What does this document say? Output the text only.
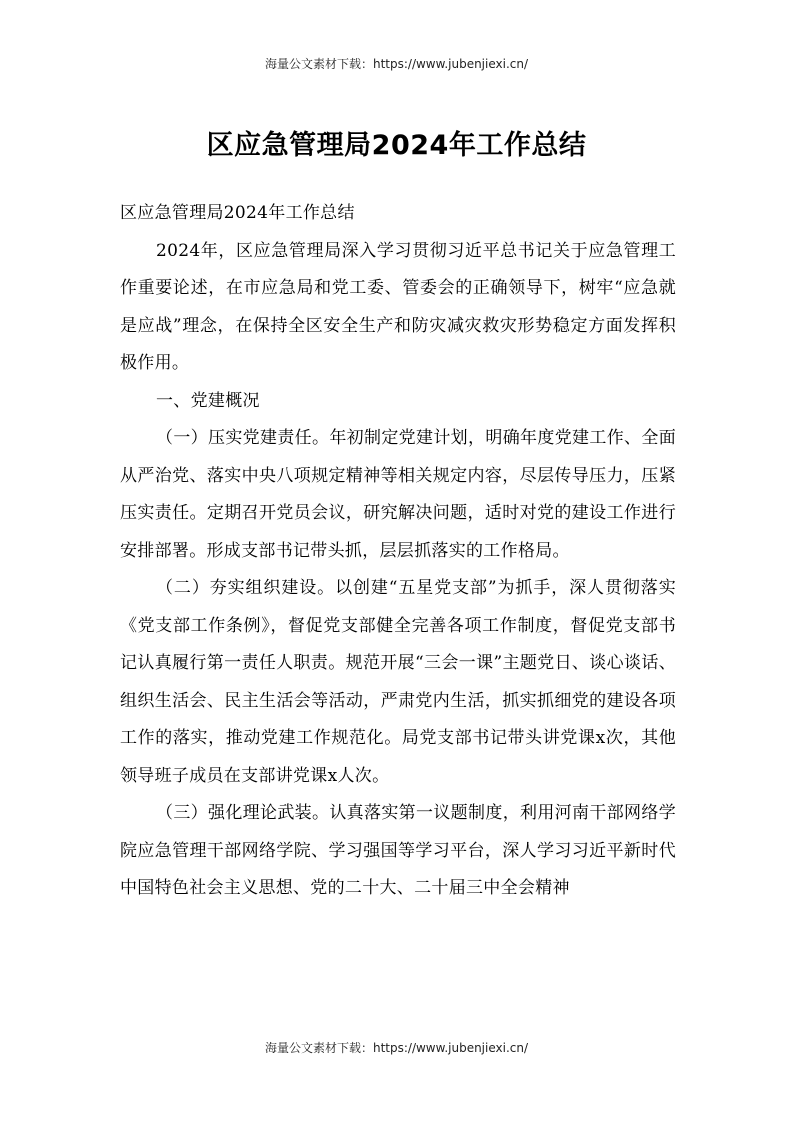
海量公文素材下载：https://www.jubenjiexi.cn/
区应急管理局2024年工作总结

区应急管理局2024年工作总结

2024年，区应急管理局深入学习贯彻习近平总书记关于应急管理工作重要论述，在市应急局和党工委、管委会的正确领导下，树牢“应急就是应战”理念，在保持全区安全生产和防灾减灾救灾形势稳定方面发挥积极作用。

一、党建概况

（一）压实党建责任。年初制定党建计划，明确年度党建工作、全面从严治党、落实中央八项规定精神等相关规定内容，尽层传导压力，压紧压实责任。定期召开党员会议，研究解决问题，适时对党的建设工作进行安排部署。形成支部书记带头抓，层层抓落实的工作格局。

（二）夯实组织建设。以创建“五星党支部”为抓手，深人贯彻落实《党支部工作条例》，督促党支部健全完善各项工作制度，督促党支部书记认真履行第一责任人职责。规范开展“三会一课”主题党日、谈心谈话、组织生活会、民主生活会等活动，严肃党内生活，抓实抓细党的建设各项工作的落实，推动党建工作规范化。局党支部书记带头讲党课x次，其他领导班子成员在支部讲党课x人次。

（三）强化理论武装。认真落实第一议题制度，利用河南干部网络学院应急管理干部网络学院、学习强国等学习平台，深人学习习近平新时代中国特色社会主义思想、党的二十大、二十届三中全会精神

海量公文素材下载：https://www.jubenjiexi.cn/
